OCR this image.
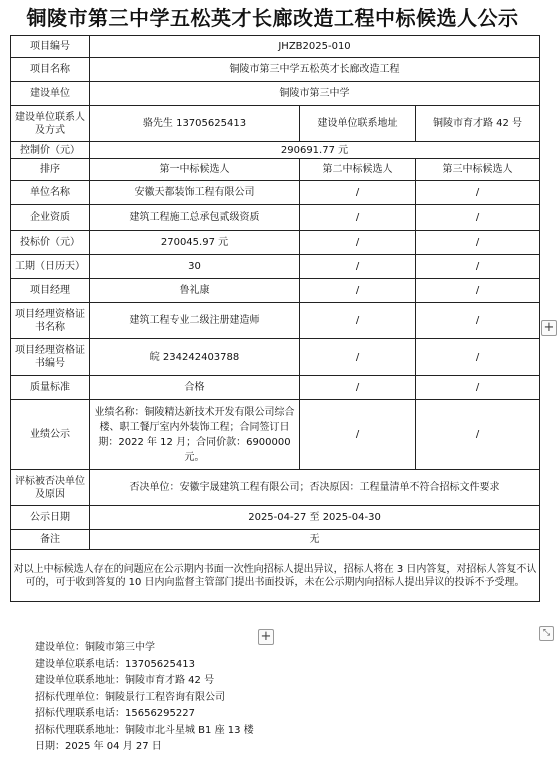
铜陵市第三中学五松英才长廊改造工程中标候选人公示
项目编号	JHZB2025-010		
项目名称	铜陵市第三中学五松英才长廊改造工程		
建设单位	铜陵市第三中学		
建设单位联系人及方式	骆先生 13705625413	建设单位联系地址	铜陵市育才路 42 号
控制价（元）	290691.77 元		
排序	第一中标候选人	第二中标候选人	第三中标候选人
单位名称	安徽天都装饰工程有限公司	/	/
企业资质	建筑工程施工总承包贰级资质	/	/
投标价（元）	270045.97 元	/	/
工期（日历天）	30	/	/
项目经理	鲁礼康	/	/
项目经理资格证书名称	建筑工程专业二级注册建造师	/	/
项目经理资格证书编号	皖 234242403788	/	/
质量标准	合格	/	/
业绩公示	业绩名称：铜陵精达新技术开发有限公司综合楼、职工餐厅室内外装饰工程；合同签订日期：2022 年 12 月；合同价款：6900000元。	/	/
评标被否决单位及原因	否决单位：安徽宇晟建筑工程有限公司；否决原因：工程量清单不符合招标文件要求		
公示日期	2025-04-27 至 2025-04-30		
备注	无		
对以上中标候选人存在的问题应在公示期内书面一次性向招标人提出异议，招标人将在 3 日内答复，对招标人答复不认可的，可于收到答复的 10 日内向监督主管部门提出书面投诉，未在公示期内向招标人提出异议的投诉不予受理。			
+
+	⤡
建设单位：铜陵市第三中学
建设单位联系电话：13705625413
建设单位联系地址：铜陵市育才路 42 号
招标代理单位：铜陵景行工程咨询有限公司
招标代理联系电话：15656295227
招标代理联系地址：铜陵市北斗星城 B1 座 13 楼
日期：2025 年 04 月 27 日
